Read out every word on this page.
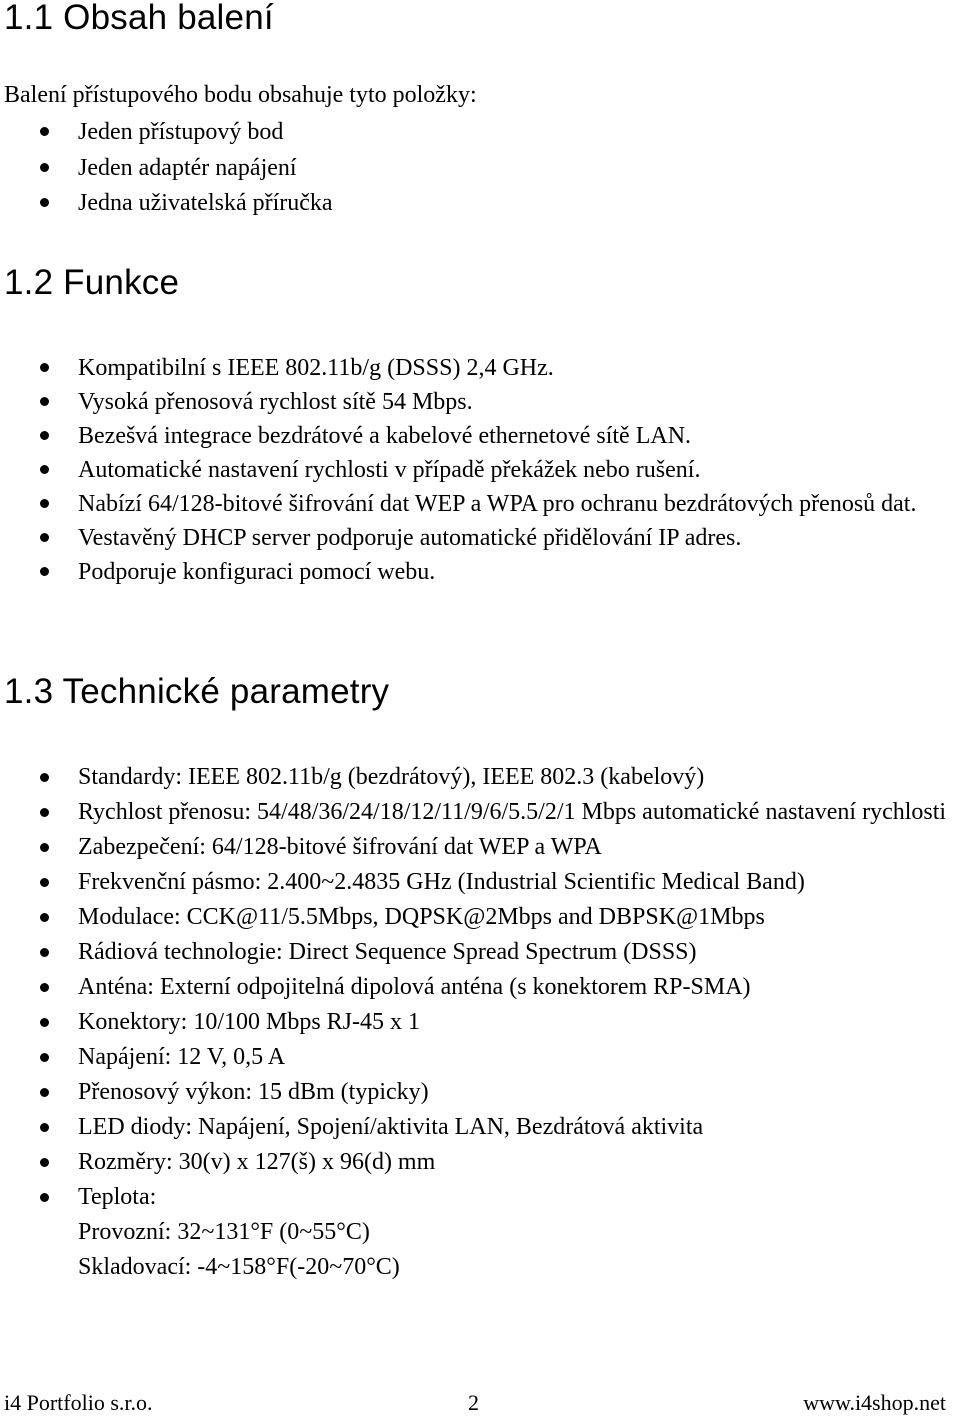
1.1 Obsah balení
Balení přístupového bodu obsahuje tyto položky:
Jeden přístupový bod
Jeden adaptér napájení
Jedna uživatelská příručka
1.2 Funkce
Kompatibilní s IEEE 802.11b/g (DSSS) 2,4 GHz.
Vysoká přenosová rychlost sítě 54 Mbps.
Bezešvá integrace bezdrátové a kabelové ethernetové sítě LAN.
Automatické nastavení rychlosti v případě překážek nebo rušení.
Nabízí 64/128-bitové šifrování dat WEP a WPA pro ochranu bezdrátových přenosů dat.
Vestavěný DHCP server podporuje automatické přidělování IP adres.
Podporuje konfiguraci pomocí webu.
1.3 Technické parametry
Standardy: IEEE 802.11b/g (bezdrátový), IEEE 802.3 (kabelový)
Rychlost přenosu: 54/48/36/24/18/12/11/9/6/5.5/2/1 Mbps automatické nastavení rychlosti
Zabezpečení: 64/128-bitové šifrování dat WEP a WPA
Frekvenční pásmo: 2.400~2.4835 GHz (Industrial Scientific Medical Band)
Modulace: CCK@11/5.5Mbps, DQPSK@2Mbps and DBPSK@1Mbps
Rádiová technologie: Direct Sequence Spread Spectrum (DSSS)
Anténa: Externí odpojitelná dipolová anténa (s konektorem RP-SMA)
Konektory: 10/100 Mbps RJ-45 x 1
Napájení: 12 V, 0,5 A
Přenosový výkon: 15 dBm (typicky)
LED diody: Napájení, Spojení/aktivita LAN, Bezdrátová aktivita
Rozměry: 30(v) x 127(š) x 96(d) mm
Teplota:
Provozní: 32~131°F (0~55°C)
Skladovací: -4~158°F(-20~70°C)
i4 Portfolio s.r.o.	2	www.i4shop.net
